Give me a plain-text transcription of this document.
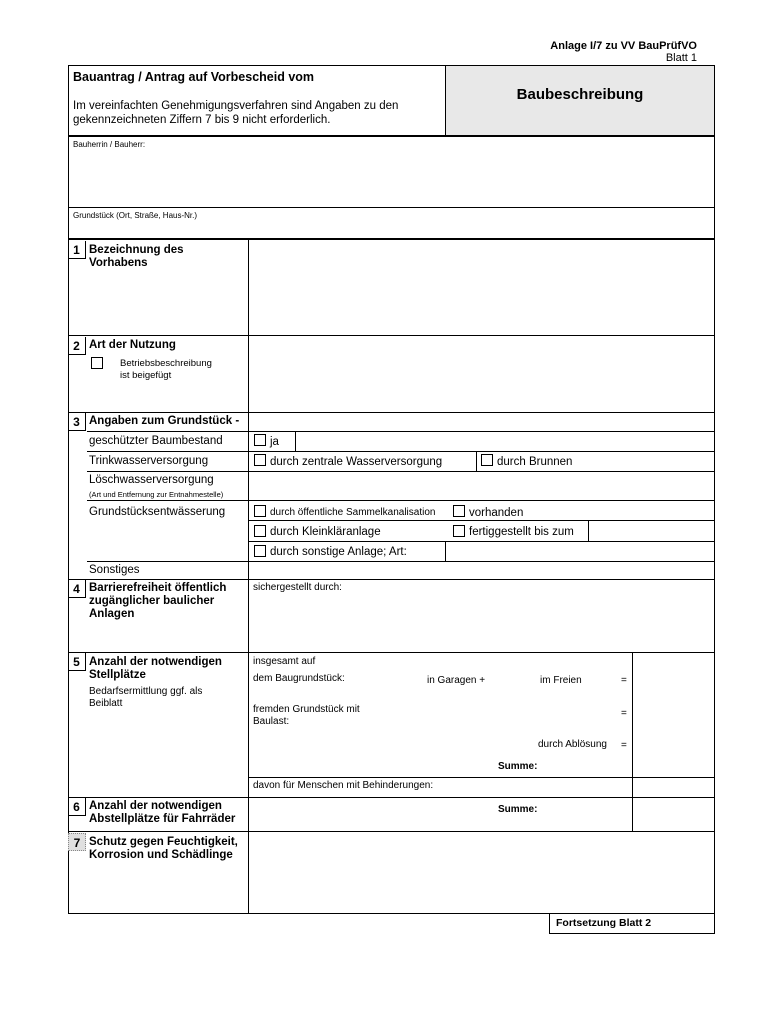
Anlage I/7 zu VV BauPrüfVO
Blatt 1
Bauantrag / Antrag auf Vorbescheid vom
Im vereinfachten Genehmigungsverfahren sind Angaben zu den
gekennzeichneten Ziffern 7 bis 9 nicht erforderlich.
Baubeschreibung
Bauherrin / Bauherr:
Grundstück (Ort, Straße, Haus-Nr.)
1 Bezeichnung des
Vorhabens
2 Art der Nutzung
Betriebsbeschreibung
ist beigefügt
3 Angaben zum Grundstück -
geschützter Baumbestand	ja
Trinkwasserversorgung	durch zentrale Wasserversorgung	durch Brunnen
Löschwasserversorgung
(Art und Entfernung zur Entnahmestelle)
Grundstücksentwässerung	durch öffentliche Sammelkanalisation	vorhanden
durch Kleinkläranlage	fertiggestellt bis zum
durch sonstige Anlage; Art:
Sonstiges
4 Barrierefreiheit öffentlich
zugänglicher baulicher
Anlagen
sichergestellt durch:
5 Anzahl der notwendigen
Stellplätze
Bedarfsermittlung ggf. als
Beiblatt
insgesamt auf
dem Baugrundstück:	in Garagen +	im Freien	=
fremden Grundstück mit
Baulast:
=
durch Ablösung =
Summe:
davon für Menschen mit Behinderungen:
6 Anzahl der notwendigen
Abstellplätze für Fahrräder
Summe:
7 Schutz gegen Feuchtigkeit,
Korrosion und Schädlinge
Fortsetzung Blatt 2
